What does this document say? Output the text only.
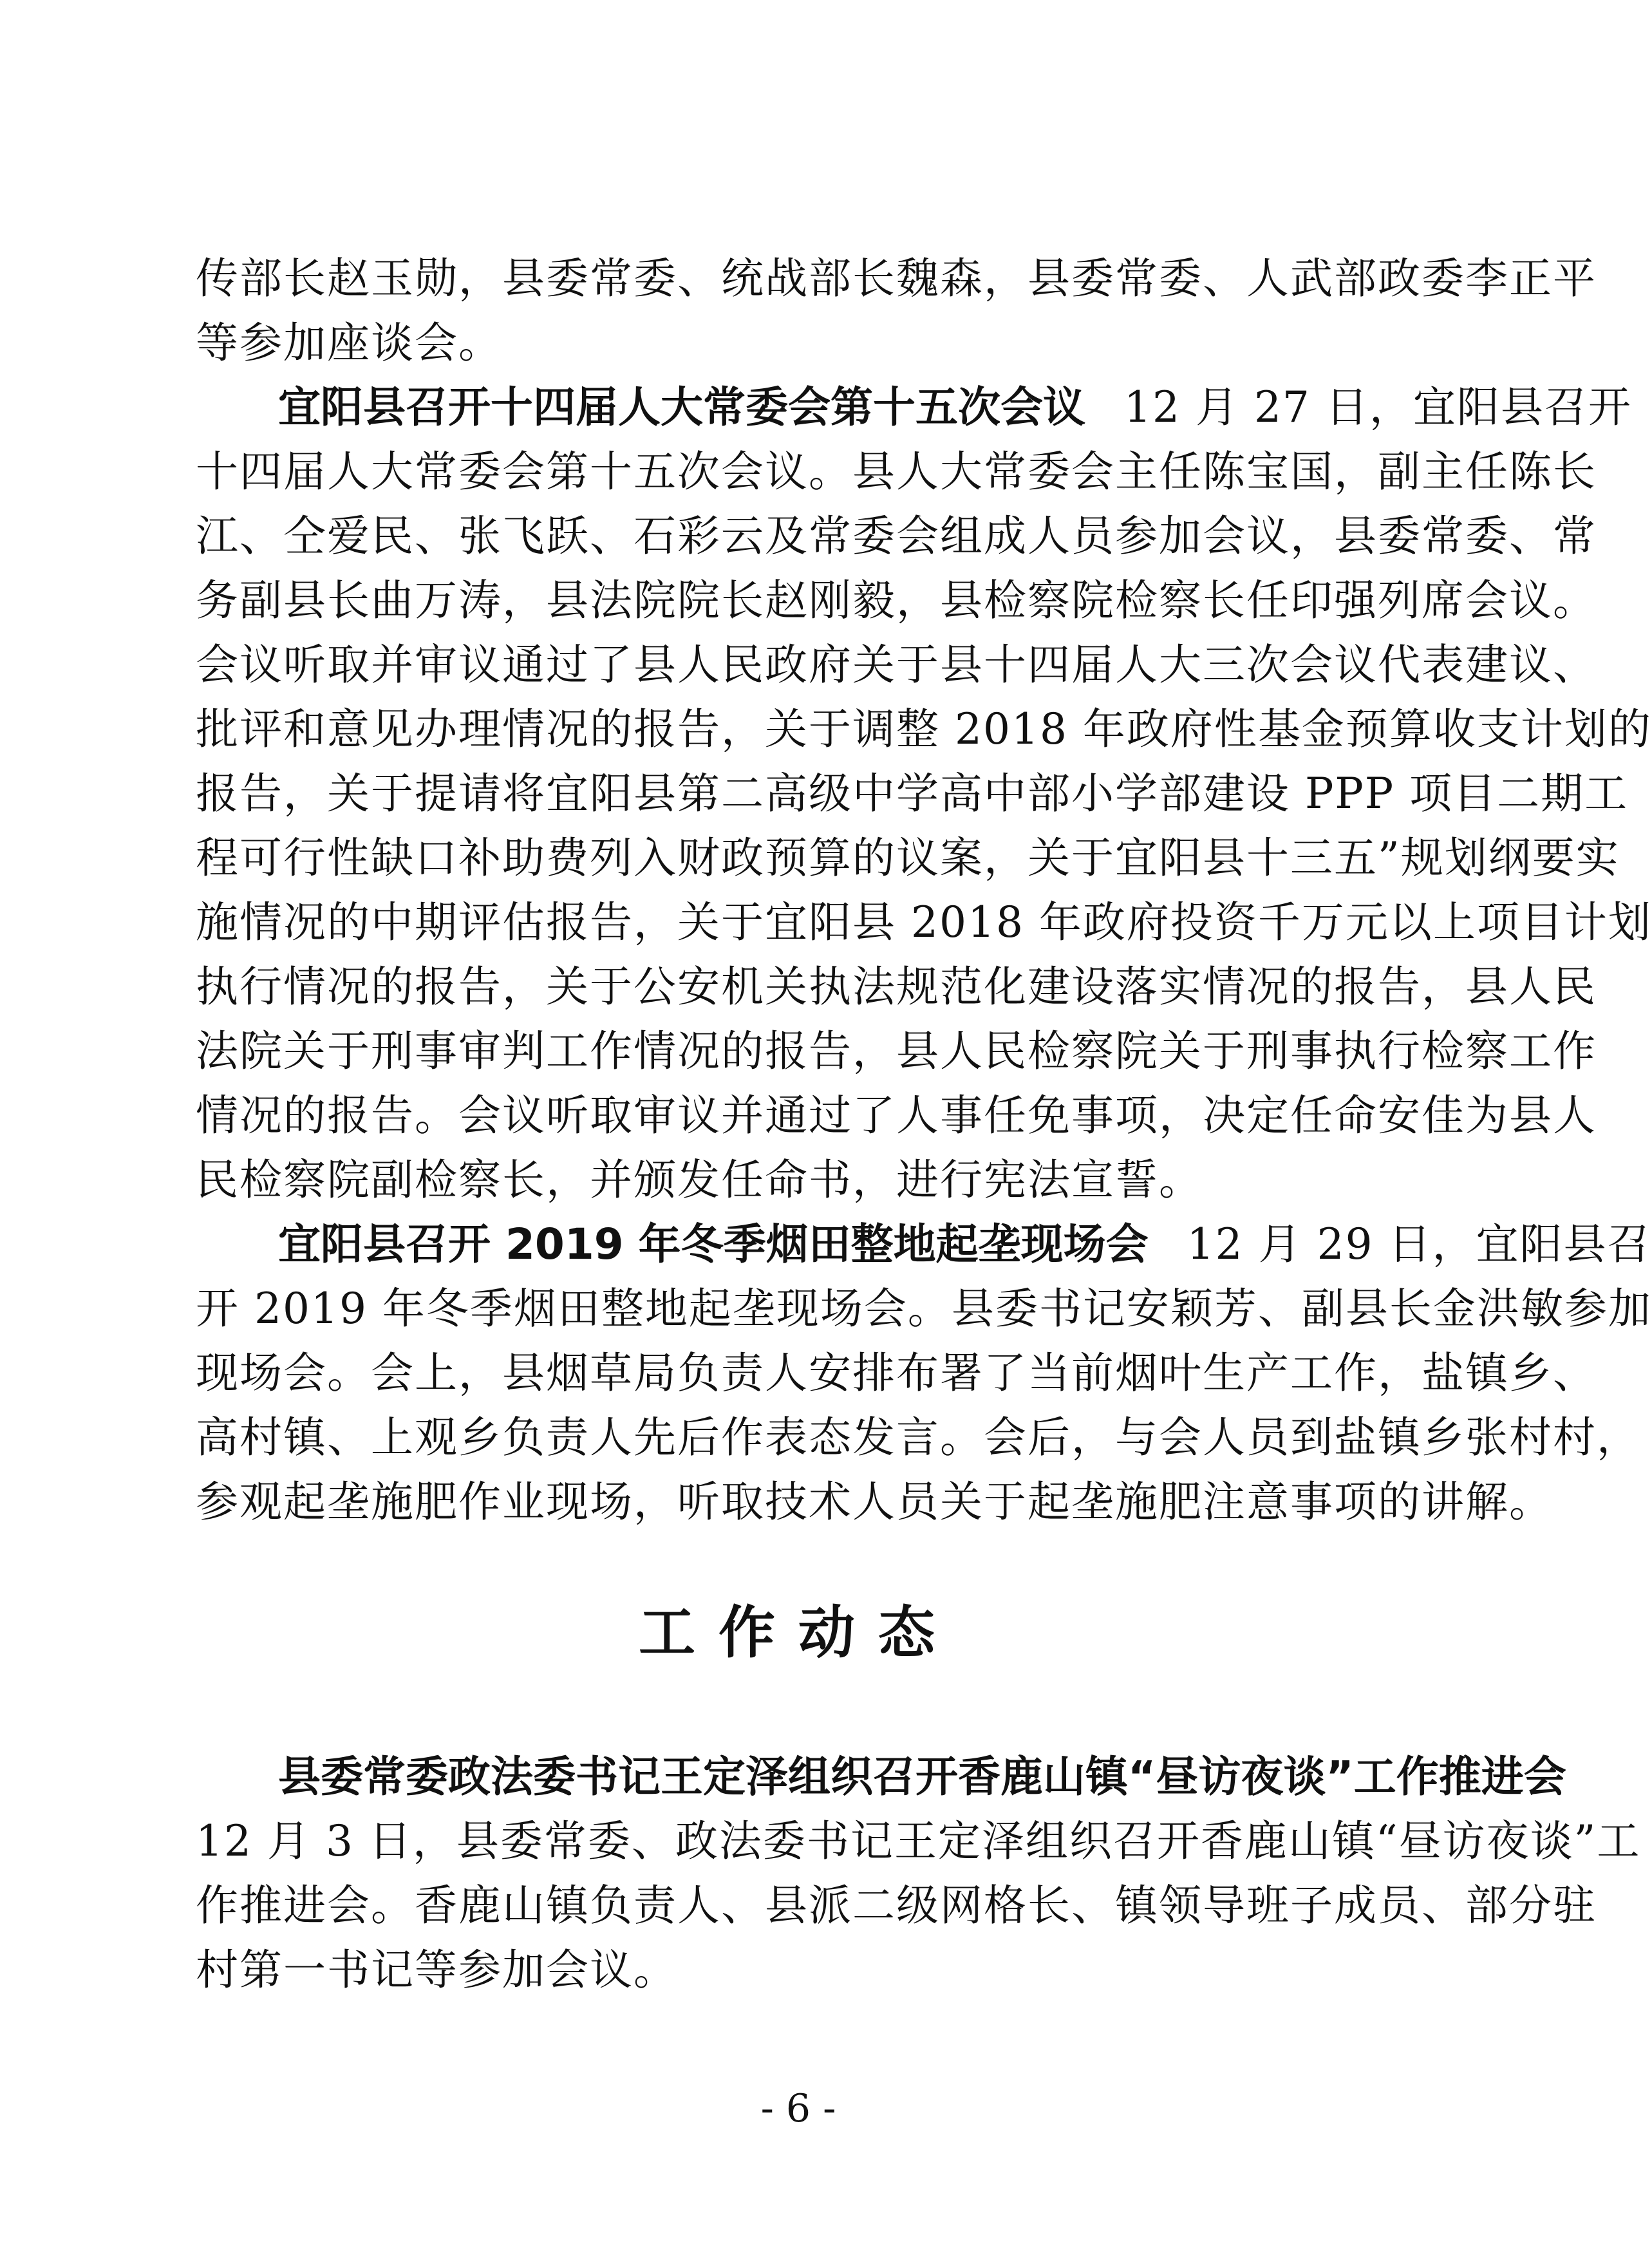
传部长赵玉勋，县委常委、统战部长魏森，县委常委、人武部政委李正平
等参加座谈会。
宜阳县召开十四届人大常委会第十五次会议 12 月 27 日，宜阳县召开
十四届人大常委会第十五次会议。县人大常委会主任陈宝国，副主任陈长
江、仝爱民、张飞跃、石彩云及常委会组成人员参加会议，县委常委、常
务副县长曲万涛，县法院院长赵刚毅，县检察院检察长任印强列席会议。
会议听取并审议通过了县人民政府关于县十四届人大三次会议代表建议、
批评和意见办理情况的报告，关于调整 2018 年政府性基金预算收支计划的
报告，关于提请将宜阳县第二高级中学高中部小学部建设 PPP 项目二期工
程可行性缺口补助费列入财政预算的议案，关于宜阳县十三五”规划纲要实
施情况的中期评估报告，关于宜阳县 2018 年政府投资千万元以上项目计划
执行情况的报告，关于公安机关执法规范化建设落实情况的报告，县人民
法院关于刑事审判工作情况的报告，县人民检察院关于刑事执行检察工作
情况的报告。会议听取审议并通过了人事任免事项，决定任命安佳为县人
民检察院副检察长，并颁发任命书，进行宪法宣誓。
宜阳县召开 2019 年冬季烟田整地起垄现场会 12 月 29 日，宜阳县召
开 2019 年冬季烟田整地起垄现场会。县委书记安颖芳、副县长金洪敏参加
现场会。会上，县烟草局负责人安排布署了当前烟叶生产工作，盐镇乡、
高村镇、上观乡负责人先后作表态发言。会后，与会人员到盐镇乡张村村，
参观起垄施肥作业现场，听取技术人员关于起垄施肥注意事项的讲解。
工作动态
县委常委政法委书记王定泽组织召开香鹿山镇“昼访夜谈”工作推进会
12 月 3 日，县委常委、政法委书记王定泽组织召开香鹿山镇“昼访夜谈”工
作推进会。香鹿山镇负责人、县派二级网格长、镇领导班子成员、部分驻
村第一书记等参加会议。
- 6 -
